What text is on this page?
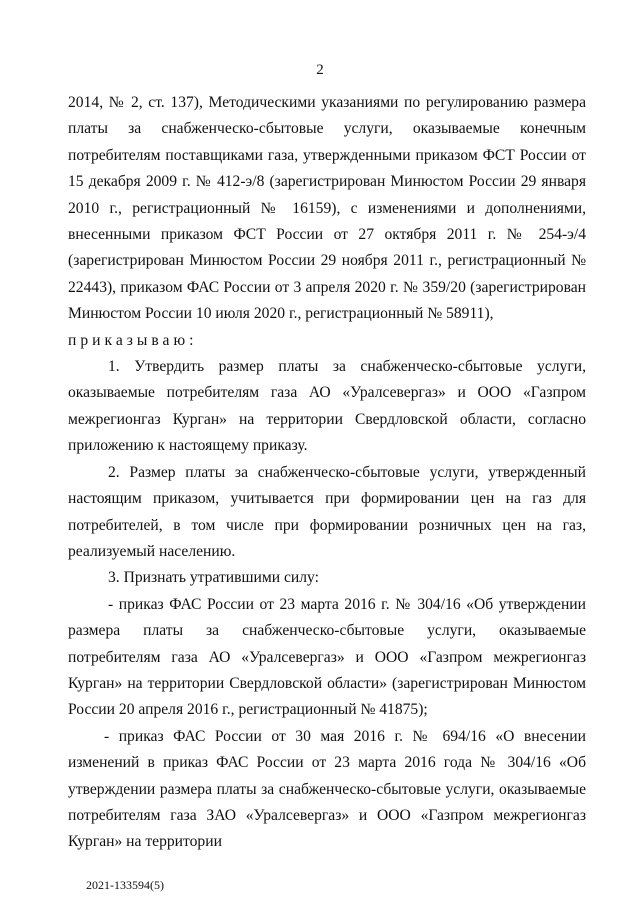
2

2014, № 2, ст. 137), Методическими указаниями по регулированию размера платы за снабженческо-сбытовые услуги, оказываемые конечным потребителям поставщиками газа, утвержденными приказом ФСТ России от 15 декабря 2009 г. № 412-э/8 (зарегистрирован Минюстом России 29 января 2010 г., регистрационный № 16159), с изменениями и дополнениями, внесенными приказом ФСТ России от 27 октября 2011 г. № 254-э/4 (зарегистрирован Минюстом России 29 ноября 2011 г., регистрационный № 22443), приказом ФАС России от 3 апреля 2020 г. № 359/20 (зарегистрирован Минюстом России 10 июля 2020 г., регистрационный № 58911),

приказываю:

1. Утвердить размер платы за снабженческо-сбытовые услуги, оказываемые потребителям газа АО «Уралсевергаз» и ООО «Газпром межрегионгаз Курган» на территории Свердловской области, согласно приложению к настоящему приказу.

2. Размер платы за снабженческо-сбытовые услуги, утвержденный настоящим приказом, учитывается при формировании цен на газ для потребителей, в том числе при формировании розничных цен на газ, реализуемый населению.

3. Признать утратившими силу:

- приказ ФАС России от 23 марта 2016 г. № 304/16 «Об утверждении размера платы за снабженческо-сбытовые услуги, оказываемые потребителям газа АО «Уралсевергаз» и ООО «Газпром межрегионгаз Курган» на территории Свердловской области» (зарегистрирован Минюстом России 20 апреля 2016 г., регистрационный № 41875);

- приказ ФАС России от 30 мая 2016 г. № 694/16 «О внесении изменений в приказ ФАС России от 23 марта 2016 года № 304/16 «Об утверждении размера платы за снабженческо-сбытовые услуги, оказываемые потребителям газа ЗАО «Уралсевергаз» и ООО «Газпром межрегионгаз Курган» на территории

2021-133594(5)
